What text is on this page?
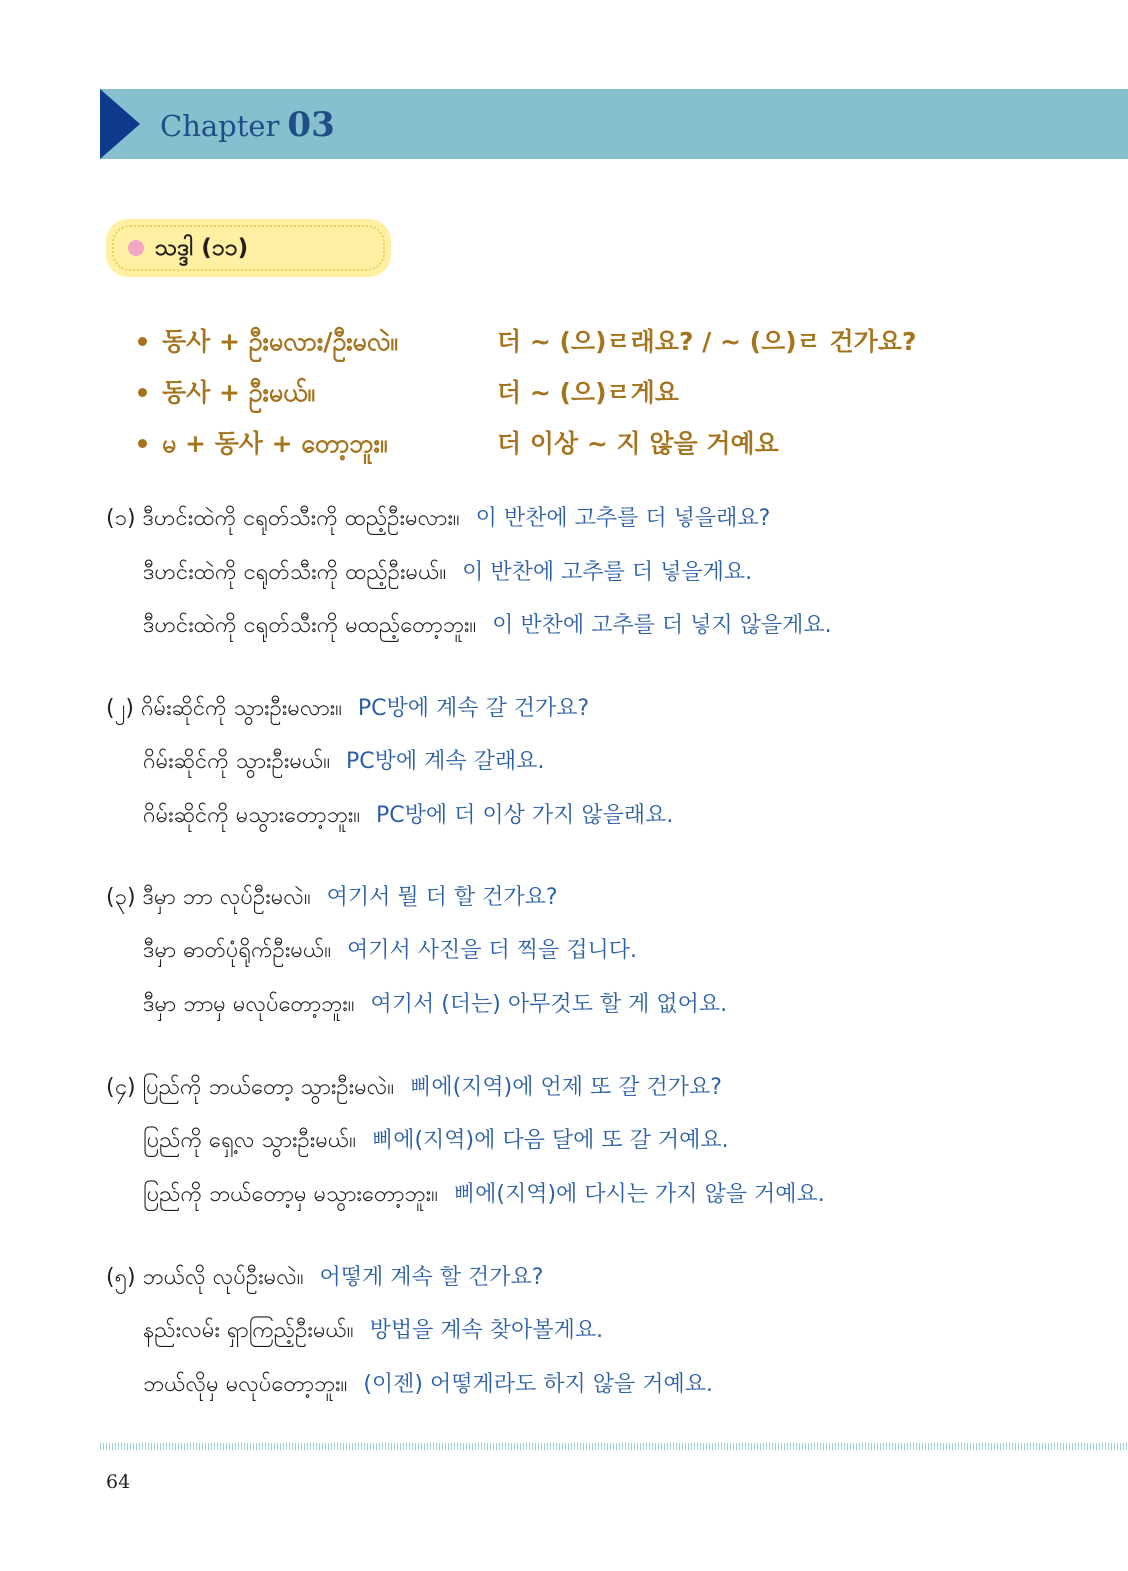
Chapter 03
သဒ္ဒါ (၁၁)
동사 + ဦးမလား/ဦးမလဲ။	더 ~ (으)ㄹ래요? / ~ (으)ㄹ 건가요?
동사 + ဦးမယ်။	더 ~ (으)ㄹ게요
မ + 동사 + တော့ဘူး။	더 이상 ~ 지 않을 거예요
(၁) ဒီဟင်းထဲကို ငရုတ်သီးကို ထည့်ဦးမလား။ 이 반찬에 고추를 더 넣을래요?
ဒီဟင်းထဲကို ငရုတ်သီးကို ထည့်ဦးမယ်။ 이 반찬에 고추를 더 넣을게요.
ဒီဟင်းထဲကို ငရုတ်သီးကို မထည့်တော့ဘူး။ 이 반찬에 고추를 더 넣지 않을게요.
(၂) ဂိမ်းဆိုင်ကို သွားဦးမလား။ PC방에 계속 갈 건가요?
ဂိမ်းဆိုင်ကို သွားဦးမယ်။ PC방에 계속 갈래요.
ဂိမ်းဆိုင်ကို မသွားတော့ဘူး။ PC방에 더 이상 가지 않을래요.
(၃) ဒီမှာ ဘာ လုပ်ဦးမလဲ။ 여기서 뭘 더 할 건가요?
ဒီမှာ ဓာတ်ပုံရိုက်ဦးမယ်။ 여기서 사진을 더 찍을 겁니다.
ဒီမှာ ဘာမှ မလုပ်တော့ဘူး။ 여기서 (더는) 아무것도 할 게 없어요.
(၄) ပြည်ကို ဘယ်တော့ သွားဦးမလဲ။ 삐에(지역)에 언제 또 갈 건가요?
ပြည်ကို ရှေ့လ သွားဦးမယ်။ 삐에(지역)에 다음 달에 또 갈 거예요.
ပြည်ကို ဘယ်တော့မှ မသွားတော့ဘူး။ 삐에(지역)에 다시는 가지 않을 거예요.
(၅) ဘယ်လို လုပ်ဦးမလဲ။ 어떻게 계속 할 건가요?
နည်းလမ်း ရှာကြည့်ဦးမယ်။ 방법을 계속 찾아볼게요.
ဘယ်လိုမှ မလုပ်တော့ဘူး။ (이젠) 어떻게라도 하지 않을 거예요.
64
